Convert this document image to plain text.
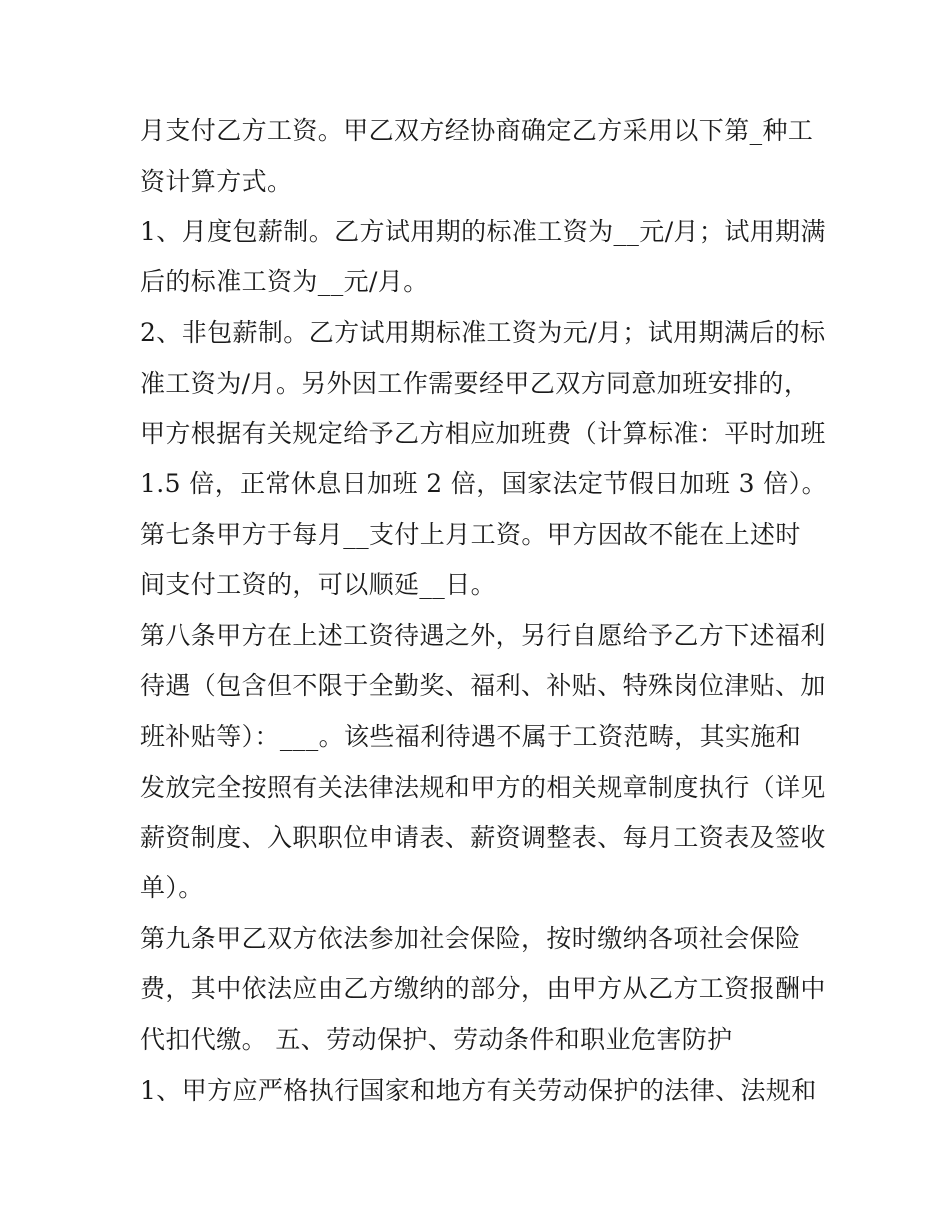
月支付乙方工资。甲乙双方经协商确定乙方采用以下第_种工
资计算方式。
1、月度包薪制。乙方试用期的标准工资为__元/月；试用期满
后的标准工资为__元/月。
2、非包薪制。乙方试用期标准工资为元/月；试用期满后的标
准工资为/月。另外因工作需要经甲乙双方同意加班安排的，
甲方根据有关规定给予乙方相应加班费（计算标准：平时加班
1.5 倍，正常休息日加班 2 倍，国家法定节假日加班 3 倍）。
第七条甲方于每月__支付上月工资。甲方因故不能在上述时
间支付工资的，可以顺延__日。
第八条甲方在上述工资待遇之外，另行自愿给予乙方下述福利
待遇（包含但不限于全勤奖、福利、补贴、特殊岗位津贴、加
班补贴等）：___。该些福利待遇不属于工资范畴，其实施和
发放完全按照有关法律法规和甲方的相关规章制度执行（详见
薪资制度、入职职位申请表、薪资调整表、每月工资表及签收
单）。
第九条甲乙双方依法参加社会保险，按时缴纳各项社会保险
费，其中依法应由乙方缴纳的部分，由甲方从乙方工资报酬中
代扣代缴。 五、劳动保护、劳动条件和职业危害防护
1、甲方应严格执行国家和地方有关劳动保护的法律、法规和
